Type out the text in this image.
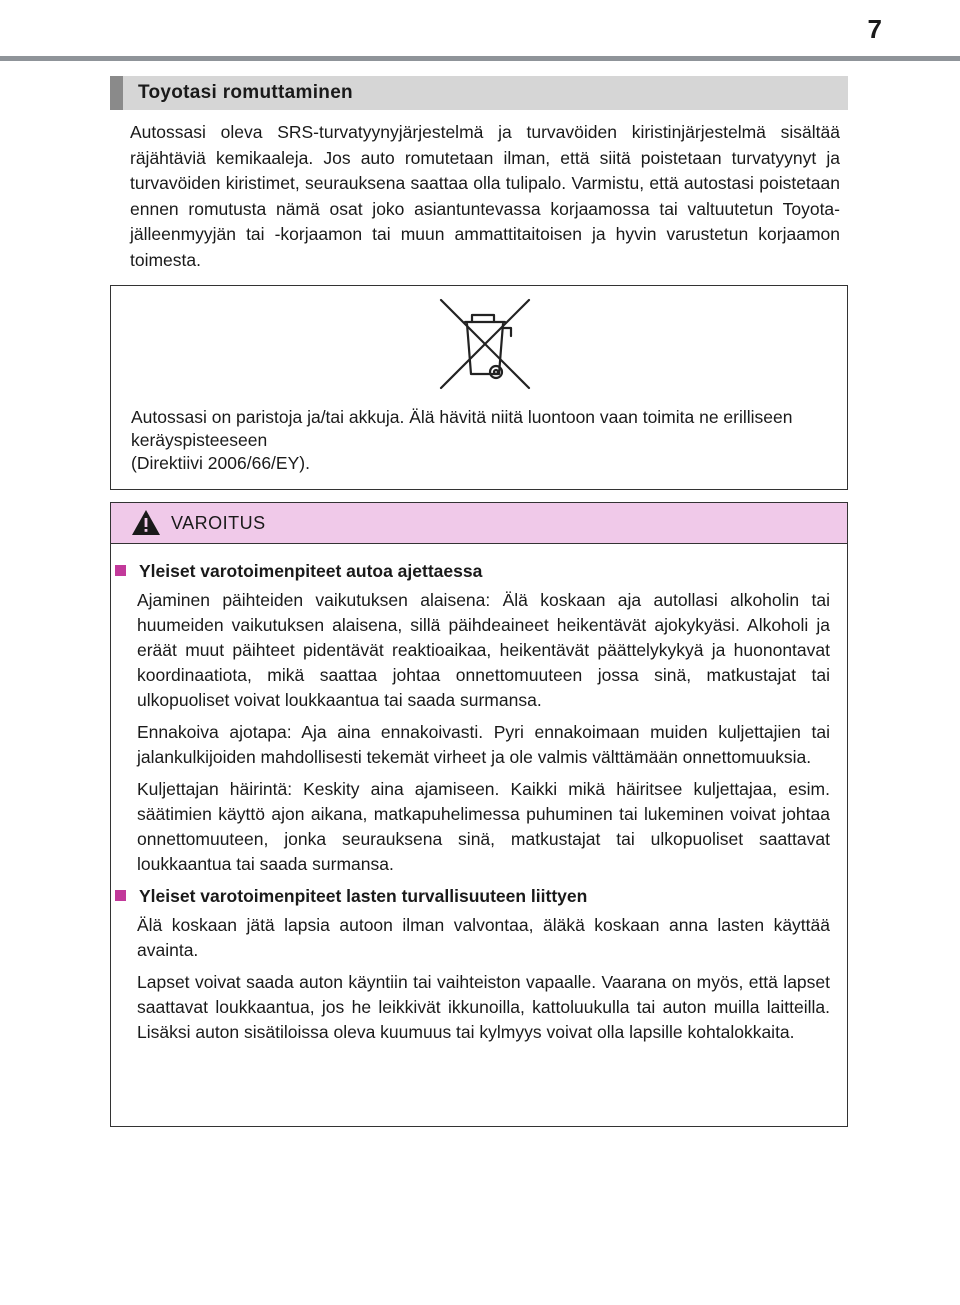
7
Toyotasi romuttaminen

Autossasi oleva SRS-turvatyynyjärjestelmä ja turvavöiden kiristinjärjestelmä sisältää räjähtäviä kemikaaleja. Jos auto romutetaan ilman, että siitä poistetaan turvatyynyt ja turvavöiden kiristimet, seurauksena saattaa olla tulipalo. Varmistu, että autostasi poistetaan ennen romutusta nämä osat joko asiantuntevassa korjaamossa tai valtuutetun Toyota-jälleenmyyjän tai -korjaamon tai muun ammattitaitoisen ja hyvin varustetun korjaamon toimesta.

Autossasi on paristoja ja/tai akkuja. Älä hävitä niitä luontoon vaan toimita ne erilliseen keräyspisteeseen
(Direktiivi 2006/66/EY).
VAROITUS
Yleiset varotoimenpiteet autoa ajettaessa

Ajaminen päihteiden vaikutuksen alaisena: Älä koskaan aja autollasi alkoholin tai huumeiden vaikutuksen alaisena, sillä päihdeaineet heikentävät ajokykyäsi. Alkoholi ja eräät muut päihteet pidentävät reaktioaikaa, heikentävät päättelykykyä ja huonontavat koordinaatiota, mikä saattaa johtaa onnettomuuteen jossa sinä, matkustajat tai ulkopuoliset voivat loukkaantua tai saada surmansa.

Ennakoiva ajotapa: Aja aina ennakoivasti. Pyri ennakoimaan muiden kuljettajien tai jalankulkijoiden mahdollisesti tekemät virheet ja ole valmis välttämään onnettomuuksia.

Kuljettajan häirintä: Keskity aina ajamiseen. Kaikki mikä häiritsee kuljettajaa, esim. säätimien käyttö ajon aikana, matkapuhelimessa puhuminen tai lukeminen voivat johtaa onnettomuuteen, jonka seurauksena sinä, matkustajat tai ulkopuoliset saattavat loukkaantua tai saada surmansa.

Yleiset varotoimenpiteet lasten turvallisuuteen liittyen

Älä koskaan jätä lapsia autoon ilman valvontaa, äläkä koskaan anna lasten käyttää avainta.

Lapset voivat saada auton käyntiin tai vaihteiston vapaalle. Vaarana on myös, että lapset saattavat loukkaantua, jos he leikkivät ikkunoilla, kattoluukulla tai auton muilla laitteilla. Lisäksi auton sisätiloissa oleva kuumuus tai kylmyys voivat olla lapsille kohtalokkaita.
